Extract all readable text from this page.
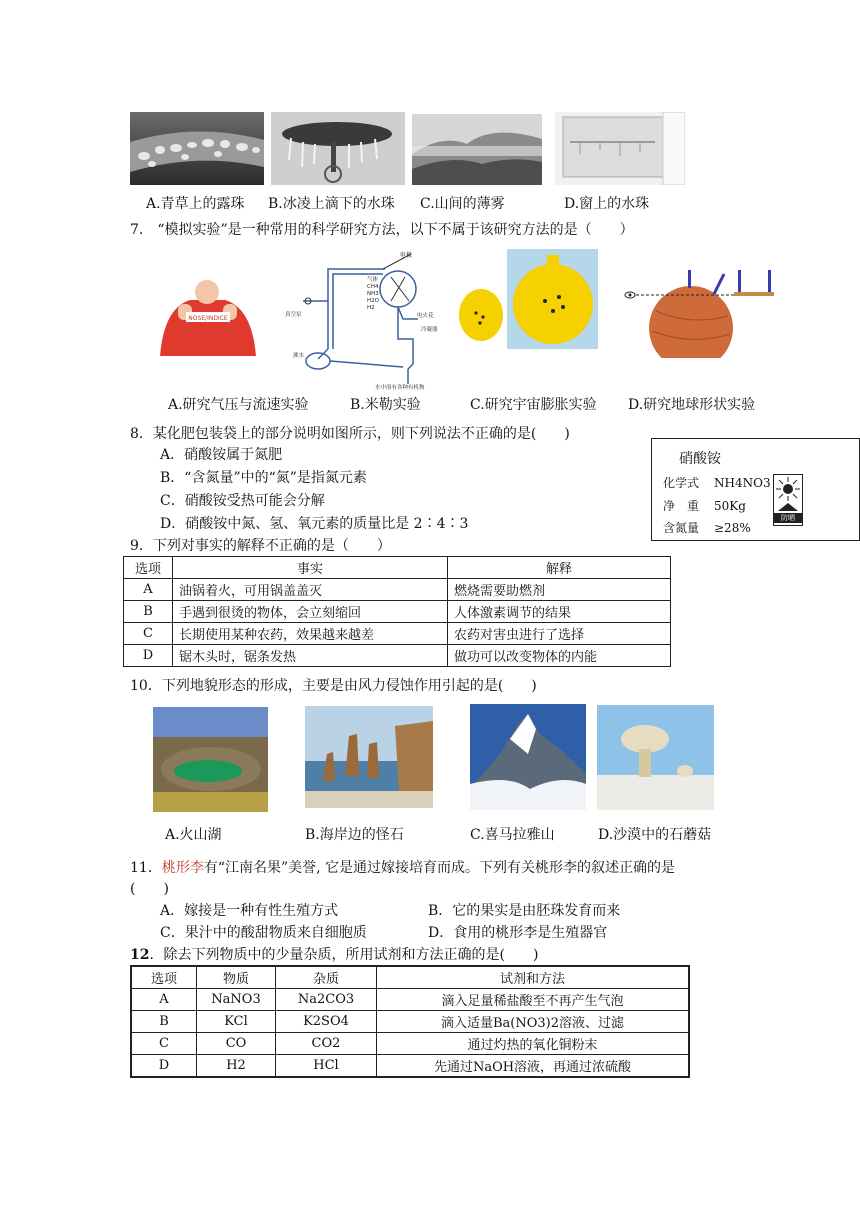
A.青草上的露珠 B.冰凌上滴下的水珠 C.山间的薄雾	D.窗上的水珠
7.　“模拟实验”是一种常用的科学研究方法，以下不属于该研究方法的是（　　）
NOSE/INDICE
电极
气体
CH4
NH3
H2O
H2
真空泵	电火花
冷凝器
沸水
水中溶有各种有机物
A.研究气压与流速实验	B.米勒实验	C.研究宇宙膨胀实验 D.研究地球形状实验
8．某化肥包装袋上的部分说明如图所示，则下列说法不正确的是(　　)
A．硝酸铵属于氮肥
B．“含氮量”中的“氮”是指氮元素
C．硝酸铵受热可能会分解
D．硝酸铵中氮、氢、氧元素的质量比是 2∶4∶3
硝酸铵
化学式 NH4NO3
净　重 50Kg
含氮量 ≥28%
防晒
9．下列对事实的解释不正确的是（　　）
选项	事实	解释
A	油锅着火，可用锅盖盖灭	燃烧需要助燃剂
B	手遇到很烫的物体，会立刻缩回	人体激素调节的结果
C	长期使用某种农药，效果越来越差	农药对害虫进行了选择
D	锯木头时，锯条发热	做功可以改变物体的内能
10．下列地貌形态的形成，主要是由风力侵蚀作用引起的是(　　)
A.火山湖	B.海岸边的怪石	C.喜马拉雅山	D.沙漠中的石蘑菇
11．桃形李有“江南名果”美誉, 它是通过嫁接培育而成。下列有关桃形李的叙述正确的是
(　　)
A．嫁接是一种有性生殖方式	B．它的果实是由胚珠发育而来
C．果汁中的酸甜物质来自细胞质	D．食用的桃形李是生殖器官
12．除去下列物质中的少量杂质，所用试剂和方法正确的是(　　)
选项	物质	杂质	试剂和方法
A	NaNO3	Na2CO3	滴入足量稀盐酸至不再产生气泡
B	KCl	K2SO4	滴入适量Ba(NO3)2溶液、过滤
C	CO	CO2	通过灼热的氧化铜粉末
D	H2	HCl	先通过NaOH溶液，再通过浓硫酸
